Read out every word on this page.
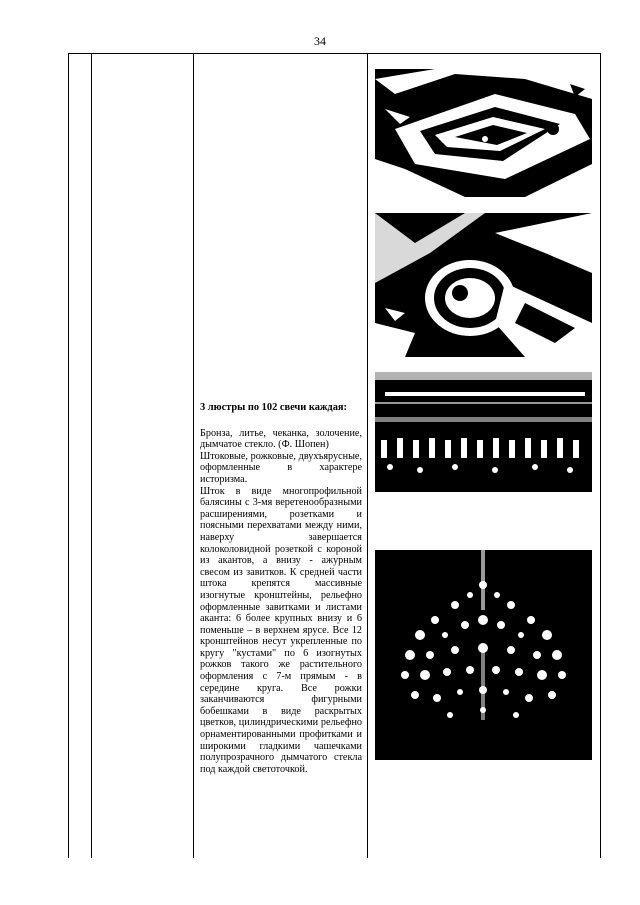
34

3 люстры по 102 свечи каждая:

Бронза, литье, чеканка, золочение, дымчатое стекло. (Ф. Шопен)

Штоковые, рожковые, двухъярусные, оформленные в характере историзма.

Шток в виде многопрофильной балясины с 3-мя веретенообразными расширениями, розетками и поясными перехватами между ними, наверху завершается колоколовидной розеткой с короной из акантов, а внизу - ажурным свесом из завитков. К средней части штока крепятся массивные изогнутые кронштейны, рельефно оформленные завитками и листами аканта: 6 более крупных внизу и 6 поменьше – в верхнем ярусе. Все 12 кронштейнов несут укрепленные по кругу "кустами" по 6 изогнутых рожков такого же растительного оформления с 7-м прямым - в середине круга. Все рожки заканчиваются фигурными бобешками в виде раскрытых цветков, цилиндрическими рельефно орнаментированными профитками и широкими гладкими чашечками полупрозрачного дымчатого стекла под каждой светоточкой.
